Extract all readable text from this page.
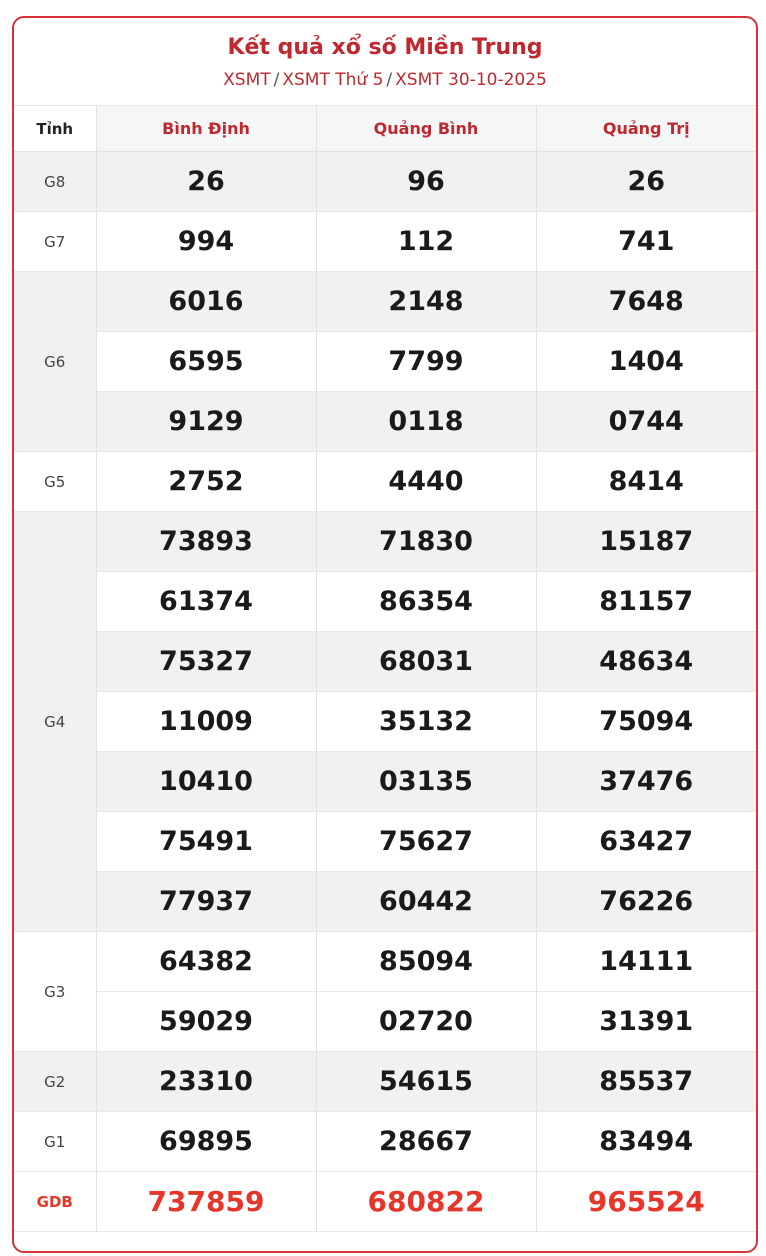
Kết quả xổ số Miền Trung
XSMT / XSMT Thứ 5 / XSMT 30-10-2025
Tỉnh	Bình Định	Quảng Bình	Quảng Trị
G8	26	96	26
G7	994	112	741
G6	6016	2148	7648
	6595	7799	1404
	9129	0118	0744
G5	2752	4440	8414
G4	73893	71830	15187
	61374	86354	81157
	75327	68031	48634
	11009	35132	75094
	10410	03135	37476
	75491	75627	63427
	77937	60442	76226
G3	64382	85094	14111
	59029	02720	31391
G2	23310	54615	85537
G1	69895	28667	83494
GDB	737859	680822	965524
